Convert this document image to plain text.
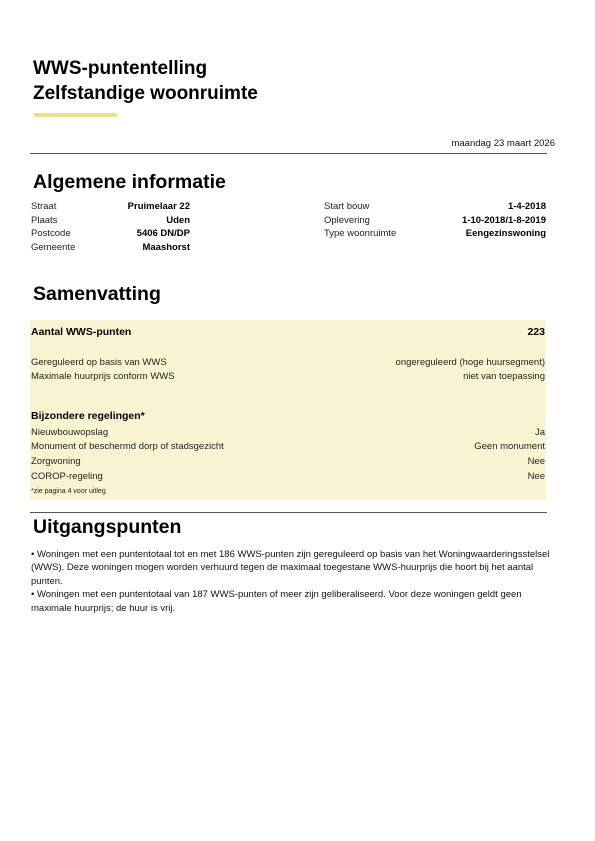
WWS-puntentelling
Zelfstandige woonruimte
maandag 23 maart 2026
Algemene informatie
Straat	Pruimelaar 22
Plaats	Uden
Postcode	5406 DN/DP
Gemeente	Maashorst
Start bouw	1-4-2018
Oplevering	1-10-2018/1-8-2019
Type woonruimte	Eengezinswoning
Samenvatting
Aantal WWS-punten	223
Gereguleerd op basis van WWS	ongereguleerd (hoge huursegment)
Maximale huurprijs conform WWS	niet van toepassing
Bijzondere regelingen*
Nieuwbouwopslag	Ja
Monument of beschermd dorp of stadsgezicht	Geen monument
Zorgwoning	Nee
COROP-regeling	Nee
*zie pagina 4 voor uitleg
Uitgangspunten

• Woningen met een puntentotaal tot en met 186 WWS-punten zijn gereguleerd op basis van het Woningwaarderingsstelsel (WWS). Deze woningen mogen worden verhuurd tegen de maximaal toegestane WWS-huurprijs die hoort bij het aantal punten.

• Woningen met een puntentotaal van 187 WWS-punten of meer zijn geliberaliseerd. Voor deze woningen geldt geen maximale huurprijs; de huur is vrij.
